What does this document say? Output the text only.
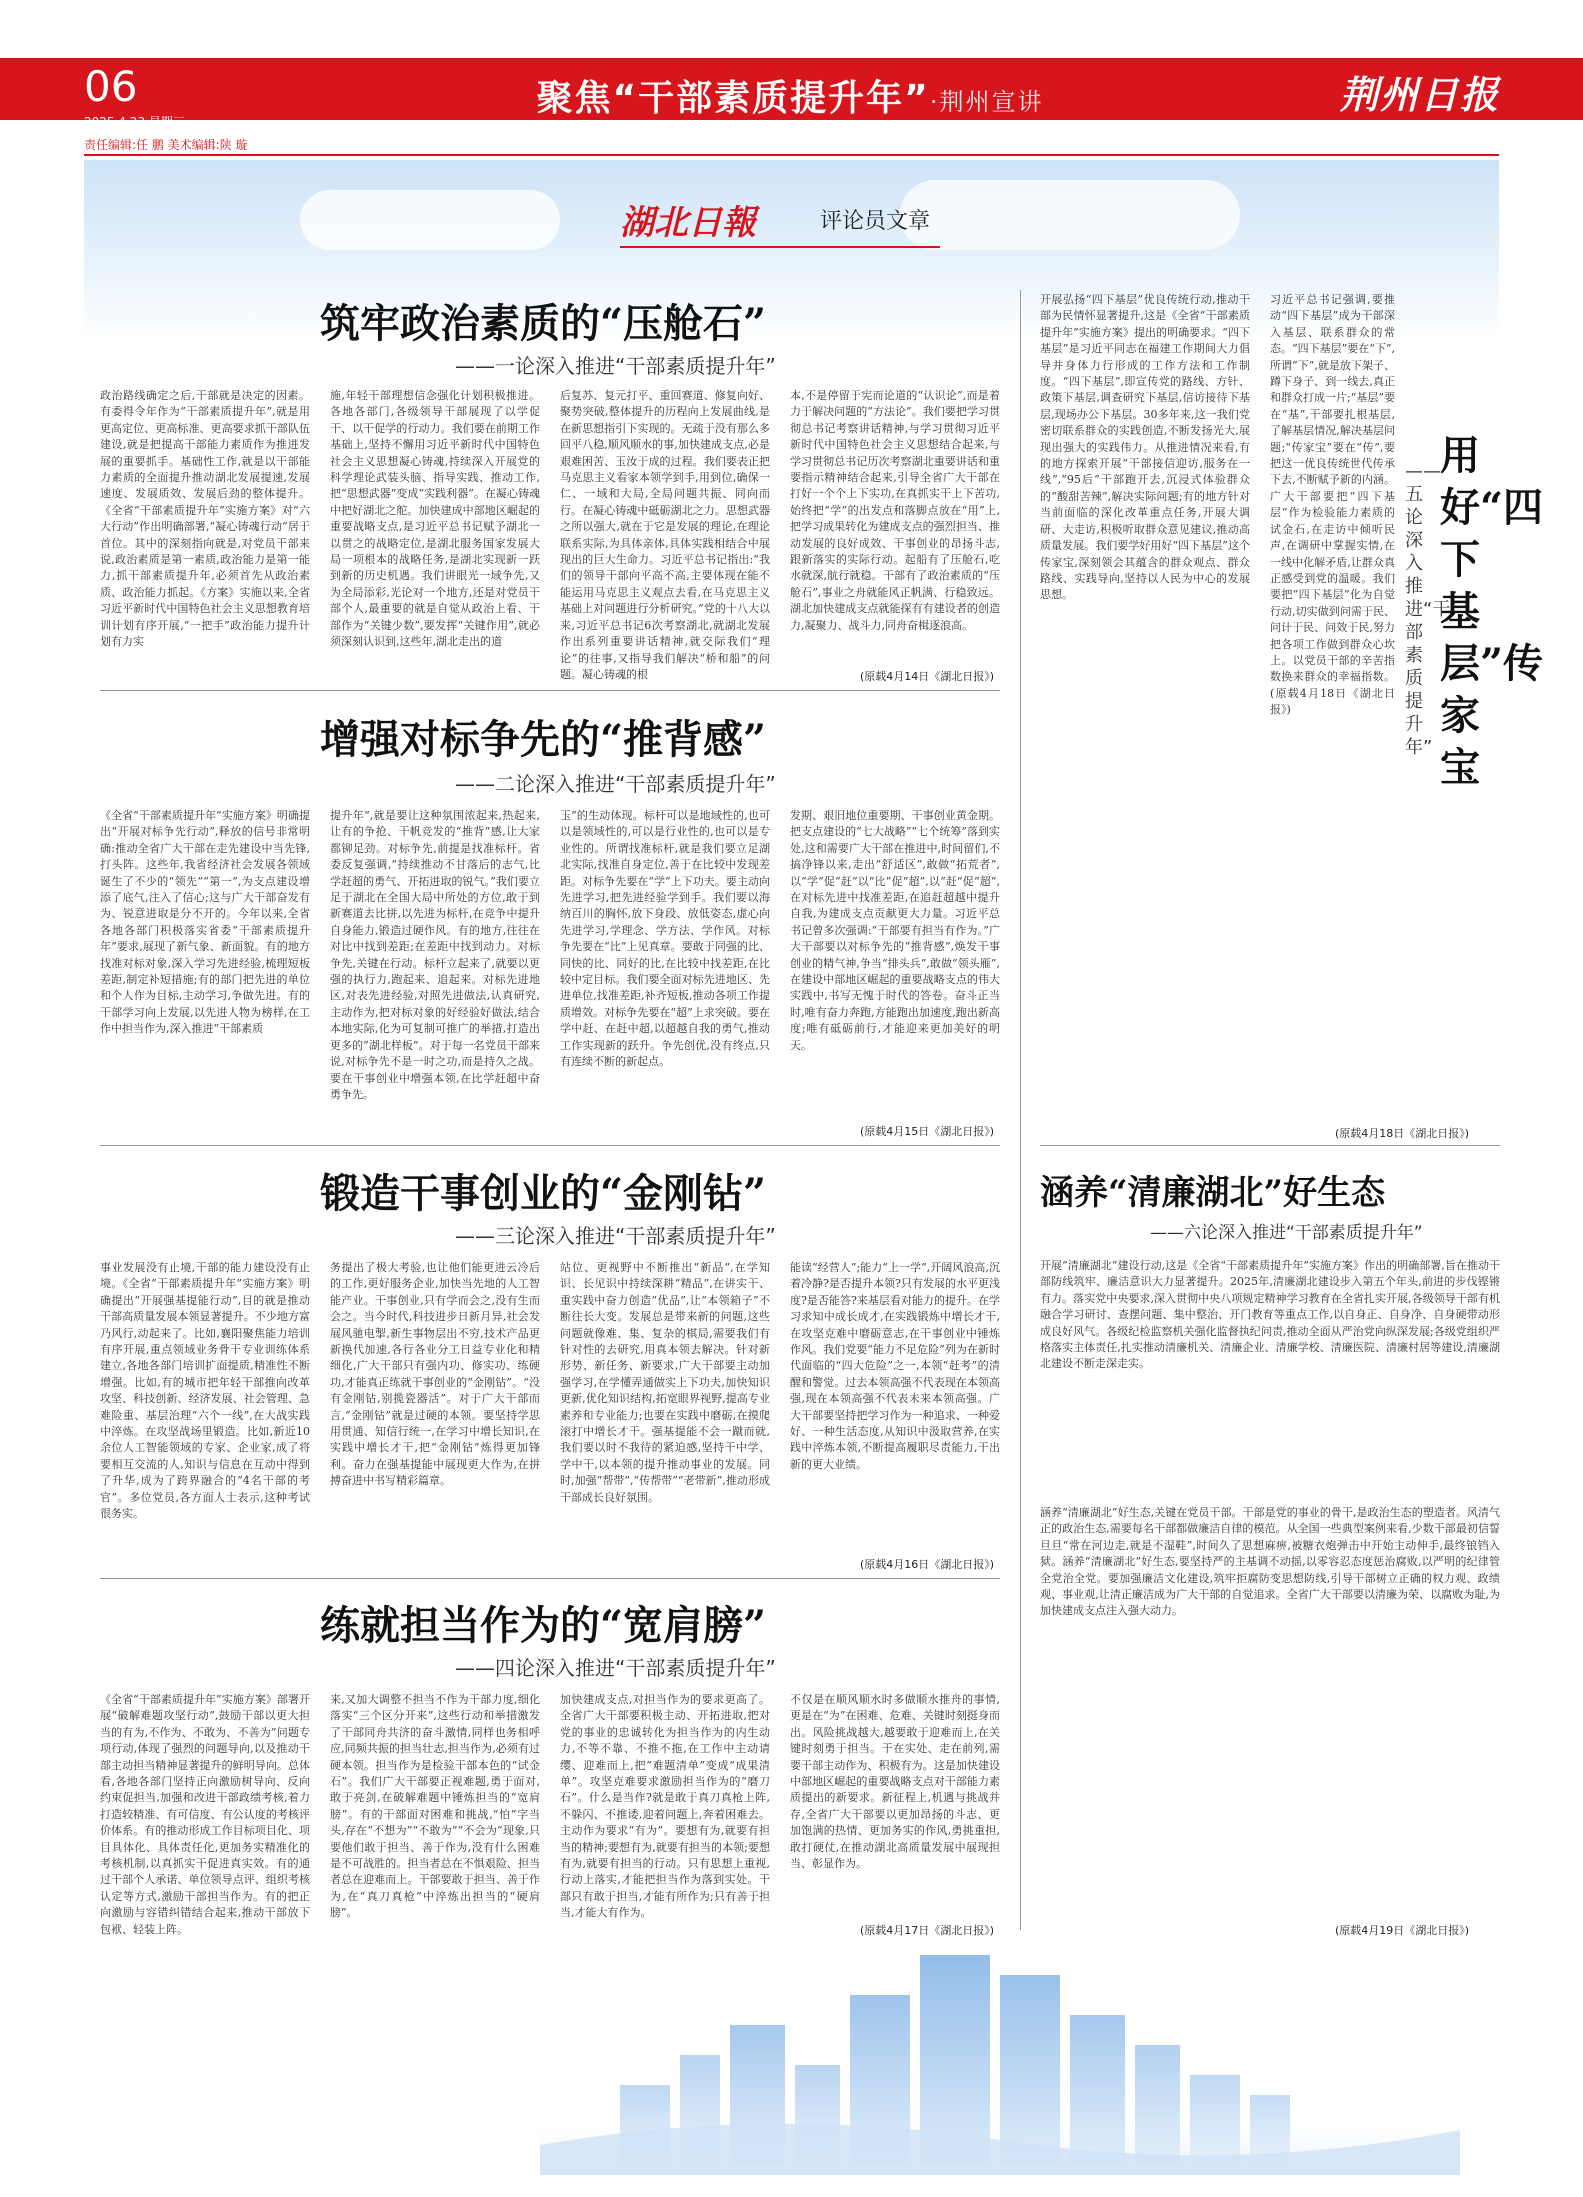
06
2025.4.23 星期三
责任编辑:任 鹏 美术编辑:陕 璇
聚焦“干部素质提升年”·荆州宣讲	荆州日报
湖北日報	评论员文章
筑牢政治素质的“压舱石”
——一论深入推进“干部素质提升年”
政治路线确定之后,干部就是决定的因素。有委得令年作为“干部素质提升年”,就是用更高定位、更高标准、更高要求抓干部队伍建设,就是把提高干部能力素质作为推进发展的重要抓手。基础性工作,就是以干部能力素质的全面提升推动湖北发展提速,发展速度、发展质效、发展后劲的整体提升。《全省“干部素质提升年”实施方案》对“六大行动”作出明确部署,“凝心铸魂行动”居于首位。其中的深刻指向就是,对党员干部来说,政治素质是第一素质,政治能力是第一能力,抓干部素质提升年,必须首先从政治素质、政治能力抓起。《方案》实施以来,全省习近平新时代中国特色社会主义思想教育培训计划有序开展,“一把手”政治能力提升计划有力实
施,年轻干部理想信念强化计划积极推进。各地各部门,各级领导干部展现了以学促干、以干促学的行动力。我们要在前期工作基础上,坚持不懈用习近平新时代中国特色社会主义思想凝心铸魂,持续深入开展党的科学理论武装头脑、指导实践、推动工作,把“思想武器”变成“实践利器”。在凝心铸魂中把好湖北之舵。加快建成中部地区崛起的重要战略支点,是习近平总书记赋予湖北一以贯之的战略定位,是湖北服务国家发展大局一项根本的战略任务,是湖北实现新一跃到新的历史机遇。我们讲眼光一域争先,又为全局添彩,光论对一个地方,还是对党员干部个人,最重要的就是自觉从政治上看、干部作为“关键少数”,要发挥“关键作用”,就必须深刻认识到,这些年,湖北走出的道
后复苏、复元打平、重回赛道、修复向好、聚势突破,整体提升的历程向上发展曲线,是在新思想指引下实现的。无疏于没有那么多回平八稳,顺风顺水的事,加快建成支点,必是艰难困苦、玉汝于成的过程。我们要表正把马克思主义看家本领学到手,用到位,确保一仁、一域和大局,全局问题共振、同向而行。在凝心铸魂中砥砺湖北之力。思想武器之所以强大,就在于它是发展的理论,在理论联系实际,为具体亲体,具体实践相结合中展现出的巨大生命力。习近平总书记指出:“我们的领导干部向平高不高,主要体现在能不能运用马克思主义观点去看,在马克思主义基础上对问题进行分析研究。”党的十八大以来,习近平总书记6次考察湖北,就湖北发展作出系列重要讲话精神,就交际我们“理论”的往事,又指导我们解决“桥和船”的问题。凝心铸魂的根
本,不是停留于宪而论道的“认识论”,而是着力于解决问题的“方法论”。我们要把学习贯彻总书记考察讲话精神,与学习贯彻习近平新时代中国特色社会主义思想结合起来,与学习贯彻总书记历次考察湖北重要讲话和重要指示精神结合起来,引导全省广大干部在打好一个个上下实功,在真抓实干上下苦功,始终把“学”的出发点和落脚点放在“用”上,把学习成果转化为建成支点的强烈担当、推动发展的良好成效、干事创业的昂扬斗志,跟新落实的实际行动。起船有了压舱石,吃水就深,航行就稳。干部有了政治素质的“压舱石”,事业之舟就能风正帆满、行稳致远。湖北加快建成支点就能探有有建设者的创造力,凝聚力、战斗力,同舟奋楫逐浪高。
(原载4月14日《湖北日报》)
增强对标争先的“推背感”
——二论深入推进“干部素质提升年”
《全省“干部素质提升年”实施方案》明确提出“开展对标争先行动”,释放的信号非常明确:推动全省广大干部在走先建设中当先锋,打头阵。这些年,我省经济社会发展各领域诞生了不少的“领先”“第一”,为支点建设增添了底气,注入了信心;这与广大干部奋发有为、锐意进取是分不开的。今年以来,全省各地各部门积极落实省委“干部素质提升年”要求,展现了新气象、新面貌。有的地方找准对标对象,深入学习先进经验,梳理短板差距,制定补短措施;有的部门把先进的单位和个人作为目标,主动学习,争做先进。有的干部学习向上发展,以先进人物为榜样,在工作中担当作为,深入推进“干部素质
提升年”,就是要让这种氛围浓起来,热起来,让有的争抢、干帆竞发的“推背”感,让大家都铆足劲。对标争先,前提是找准标杆。省委反复强调,“持续推动不甘落后的志气,比学赶超的勇气、开拓进取的锐气。”我们要立足于湖北在全国大局中所处的方位,敢于到新赛道去比拼,以先进为标杆,在竞争中提升自身能力,锻造过硬作风。有的地方,往往在对比中找到差距;在差距中找到动力。对标争先,关键在行动。标杆立起来了,就要以更强的执行力,跑起来、追起来。对标先进地区,对表先进经验,对照先进做法,认真研究,主动作为,把对标对象的好经验好做法,结合本地实际,化为可复制可推广的举措,打造出更多的“湖北样板”。对于每一名党员干部来说,对标争先不是一时之功,而是持久之战。要在干事创业中增强本领,在比学赶超中奋勇争先。
玉”的生动体现。标杆可以是地域性的,也可以是领域性的,可以是行业性的,也可以是专业性的。所谓找准标杆,就是我们要立足湖北实际,找准自身定位,善于在比较中发现差距。对标争先要在“学”上下功夫。要主动向先进学习,把先进经验学到手。我们要以海纳百川的胸怀,放下身段、放低姿态,虚心向先进学习,学理念、学方法、学作风。对标争先要在“比”上见真章。要敢于同强的比、同快的比、同好的比,在比较中找差距,在比较中定目标。我们要全面对标先进地区、先进单位,找准差距,补齐短板,推动各项工作提质增效。对标争先要在“超”上求突破。要在学中赶、在赶中超,以超越自我的勇气,推动工作实现新的跃升。争先创优,没有终点,只有连续不断的新起点。
发期、艰旧地位重要期、干事创业黄金期。把支点建设的“七大战略”“七个统筹”落到实处,这和需要广大干部在推进中,时间留们,不搞净锋以来,走出“舒适区”,敢做“拓荒者”,以“学”促“赶”以“比”促“超”,以“赶”促“超”,在对标先进中找准差距,在追赶超越中提升自我,为建成支点贡献更大力量。习近平总书记曾多次强调:“干部要有担当有作为。”广大干部要以对标争先的“推背感”,焕发干事创业的精气神,争当“排头兵”,敢做“领头雁”,在建设中部地区崛起的重要战略支点的伟大实践中,书写无愧于时代的答卷。奋斗正当时,唯有奋力奔跑,方能跑出加速度,跑出新高度;唯有砥砺前行,才能迎来更加美好的明天。
(原载4月15日《湖北日报》)
锻造干事创业的“金刚钻”
——三论深入推进“干部素质提升年”
事业发展没有止境,干部的能力建设没有止境。《全省“干部素质提升年”实施方案》明确提出“开展强基提能行动”,目的就是推动干部高质量发展本领显著提升。不少地方富乃风行,动起来了。比如,襄阳聚焦能力培训有序开展,重点领域业务骨干专业训练体系建立,各地各部门培训扩面提质,精准性不断增强。比如,有的城市把年轻干部推向改革攻坚、科技创新、经济发展、社会管理、急难险重、基层治理“六个一线”,在大战实践中淬炼。在攻坚战场里锻造。比如,新近10余位人工智能领域的专家、企业家,成了将要相互交流的人,知识与信息在互动中得到了升华,成为了跨界融合的“4名干部的考官”。多位党员,各方面人士表示,这种考试很务实。
务提出了极大考验,也让他们能更进云冷后的工作,更好服务企业,加快当先地的人工智能产业。干事创业,只有学而会之,没有生而会之。当今时代,科技进步日新月异,社会发展风驰电掣,新生事物层出不穷,技术产品更新换代加速,各行各业分工日益专业化和精细化,广大干部只有强内功、修实功、练硬功,才能真正练就干事创业的“金刚钻”。“没有金刚钻,别揽瓷器活”。对于广大干部而言,“金刚钻”就是过硬的本领。要坚持学思用贯通、知信行统一,在学习中增长知识,在实践中增长才干,把“金刚钻”炼得更加锋利。奋力在强基提能中展现更大作为,在拼搏奋进中书写精彩篇章。
站位、更视野中不断推出“新品”,在学知识、长见识中持续深耕“精品”,在讲实干、重实践中奋力创造“优品”,让“本领箱子”不断往长大变。发展总是带来新的问题,这些问题就像难、集、复杂的棋局,需要我们有针对性的去研究,用真本领去解决。针对新形势、新任务、新要求,广大干部要主动加强学习,在学懂弄通做实上下功夫,加快知识更新,优化知识结构,拓宽眼界视野,提高专业素养和专业能力;也要在实践中磨砺,在摸爬滚打中增长才干。强基提能不会一蹴而就,我们要以时不我待的紧迫感,坚持干中学、学中干,以本领的提升推动事业的发展。同时,加强“帮带”,“传帮带”“老带新”,推动形成干部成长良好氛围。
能读“经营人”;能力“上一学”,开阔风浪高,沉着冷静?是否提升本领?只有发展的水平更浅度?是否能答?来基层看对能力的提升。在学习求知中成长成才,在实践锻炼中增长才干,在攻坚克难中磨砺意志,在干事创业中锤炼作风。我们党要“能力不足危险”列为在新时代面临的“四大危险”之一,本领“赶考”的清醒和警觉。过去本领高强不代表现在本领高强,现在本领高强不代表未来本领高强。广大干部要坚持把学习作为一种追求、一种爱好、一种生活态度,从知识中汲取营养,在实践中淬炼本领,不断提高履职尽责能力,干出新的更大业绩。
(原载4月16日《湖北日报》)
练就担当作为的“宽肩膀”
——四论深入推进“干部素质提升年”
《全省“干部素质提升年”实施方案》部署开展“破解难题攻坚行动”,鼓励干部以更大担当的有为,不作为、不敢为、不善为”问题专项行动,体现了强烈的问题导向,以及推动干部主动担当精神显著提升的鲜明导向。总体看,各地各部门坚持正向激励树导向、反向约束促担当,加强和改进干部政绩考核,着力打造较精准、有可信度、有公认度的考核评价体系。有的推动形成工作目标项目化、项目具体化、具体责任化,更加务实精准化的考核机制,以真抓实干促进真实效。有的通过干部个人承诺、单位领导点评、组织考核认定等方式,激励干部担当作为。有的把正向激励与容错纠错结合起来,推动干部放下包袱、轻装上阵。
来,又加大调整不担当不作为干部力度,细化落实“三个区分开来”,这些行动和举措激发了干部同舟共济的奋斗激情,同样也务相呼应,同频共振的担当壮志,担当作为,必须有过硬本领。担当作为是检验干部本色的“试金石”。我们广大干部要正视难题,勇于面对,敢于亮剑,在破解难题中锤炼担当的“宽肩膀”。有的干部面对困难和挑战,“怕”字当头,存在“不想为”“不敢为”“不会为”现象,只要他们敢于担当、善于作为,没有什么困难是不可战胜的。担当者总在不惧艰险、担当者总在迎难而上。干部要敢于担当、善于作为,在“真刀真枪”中淬炼出担当的“硬肩膀”。
加快建成支点,对担当作为的要求更高了。全省广大干部要积极主动、开拓进取,把对党的事业的忠诚转化为担当作为的内生动力,不等不靠、不推不拖,在工作中主动请缨、迎难而上,把“难题清单”变成“成果清单”。攻坚克难要求激励担当作为的“磨刀石”。什么是当作?就是敢于真刀真枪上阵,不躲闪、不推诿,迎着问题上,奔着困难去。主动作为要求“有为”。要想有为,就要有担当的精神;要想有为,就要有担当的本领;要想有为,就要有担当的行动。只有思想上重视,行动上落实,才能把担当作为落到实处。干部只有敢于担当,才能有所作为;只有善于担当,才能大有作为。
不仅是在顺风顺水时多做顺水推舟的事情,更是在“为”在困难、危难、关键时刻挺身而出。风险挑战越大,越要敢于迎难而上,在关键时刻勇于担当。干在实处、走在前列,需要干部主动作为、积极有为。这是加快建设中部地区崛起的重要战略支点对干部能力素质提出的新要求。新征程上,机遇与挑战并存,全省广大干部要以更加昂扬的斗志、更加饱满的热情、更加务实的作风,勇挑重担,敢打硬仗,在推动湖北高质量发展中展现担当、彰显作为。
(原载4月17日《湖北日报》)
用好“四下基层”传家宝
——五论深入推进“干部素质提升年”
开展弘扬“四下基层”优良传统行动,推动干部为民情怀显著提升,这是《全省“干部素质提升年”实施方案》提出的明确要求。“四下基层”是习近平同志在福建工作期间大力倡导并身体力行形成的工作方法和工作制度。“四下基层”,即宣传党的路线、方针、政策下基层,调查研究下基层,信访接待下基层,现场办公下基层。30多年来,这一我们党密切联系群众的实践创造,不断发扬光大,展现出强大的实践伟力。从推进情况来看,有的地方探索开展“干部接信迎访,服务在一线”,“95后”干部跑开去,沉浸式体验群众的“酸甜苦辣”,解决实际问题;有的地方针对当前面临的深化改革重点任务,开展大调研、大走访,积极听取群众意见建议,推动高质量发展。我们要学好用好“四下基层”这个传家宝,深刻领会其蕴含的群众观点、群众路线、实践导向,坚持以人民为中心的发展思想。
习近平总书记强调,要推动“四下基层”成为干部深入基层、联系群众的常态。“四下基层”要在“下”,所谓“下”,就是放下架子、蹲下身子、到一线去,真正和群众打成一片;“基层”要在“基”,干部要扎根基层,了解基层情况,解决基层问题;“传家宝”要在“传”,要把这一优良传统世代传承下去,不断赋予新的内涵。广大干部要把“四下基层”作为检验能力素质的试金石,在走访中倾听民声,在调研中掌握实情,在一线中化解矛盾,让群众真正感受到党的温暖。我们要把“四下基层”化为自觉行动,切实做到问需于民、问计于民、问效于民,努力把各项工作做到群众心坎上。以党员干部的辛苦指数换来群众的幸福指数。(原载4月18日《湖北日报》)
(原载4月18日《湖北日报》)
涵养“清廉湖北”好生态
——六论深入推进“干部素质提升年”
开展“清廉湖北”建设行动,这是《全省“干部素质提升年”实施方案》作出的明确部署,旨在推动干部防线筑牢、廉洁意识大力显著提升。2025年,清廉湖北建设步入第五个年头,前进的步伐铿锵有力。落实党中央要求,深入贯彻中央八项规定精神学习教育在全省扎实开展,各级领导干部有机融合学习研讨、查摆问题、集中整治、开门教育等重点工作,以自身正、自身净、自身硬带动形成良好风气。各级纪检监察机关强化监督执纪问责,推动全面从严治党向纵深发展;各级党组织严格落实主体责任,扎实推动清廉机关、清廉企业、清廉学校、清廉医院、清廉村居等建设,清廉湖北建设不断走深走实。
涵养“清廉湖北”好生态,关键在党员干部。干部是党的事业的骨干,是政治生态的塑造者。风清气正的政治生态,需要每名干部都做廉洁自律的模范。从全国一些典型案例来看,少数干部最初信誓旦旦“常在河边走,就是不湿鞋”,时间久了思想麻痹,被糖衣炮弹击中开始主动伸手,最终锒铛入狱。涵养“清廉湖北”好生态,要坚持严的主基调不动摇,以零容忍态度惩治腐败,以严明的纪律管全党治全党。要加强廉洁文化建设,筑牢拒腐防变思想防线,引导干部树立正确的权力观、政绩观、事业观,让清正廉洁成为广大干部的自觉追求。全省广大干部要以清廉为荣、以腐败为耻,为加快建成支点注入强大动力。
(原载4月19日《湖北日报》)
